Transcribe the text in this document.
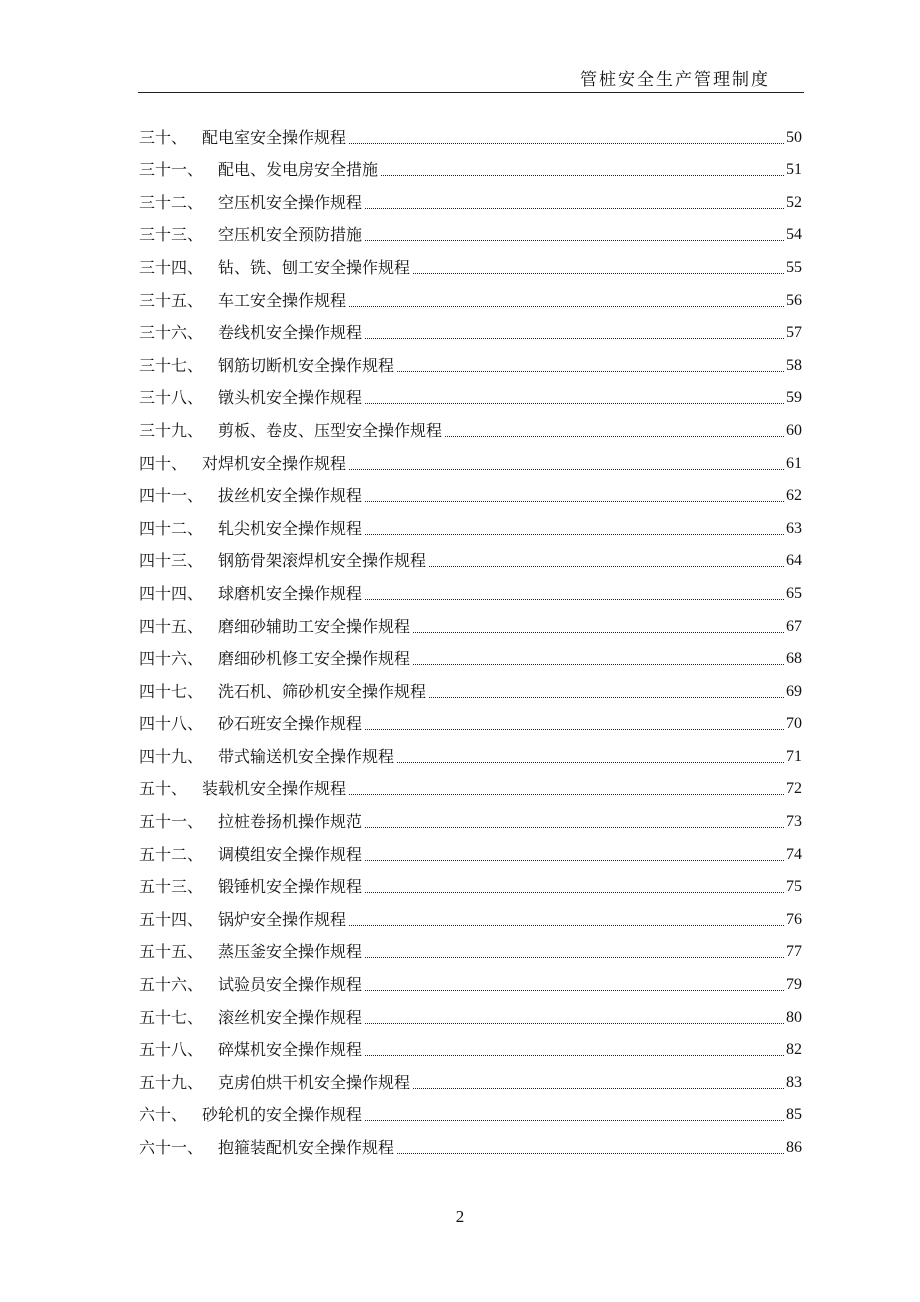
管桩安全生产管理制度
三十、 配电室安全操作规程	50
三十一、 配电、发电房安全措施	51
三十二、 空压机安全操作规程	52
三十三、 空压机安全预防措施	54
三十四、 钻、铣、刨工安全操作规程	55
三十五、 车工安全操作规程	56
三十六、 卷线机安全操作规程	57
三十七、 钢筋切断机安全操作规程	58
三十八、 镦头机安全操作规程	59
三十九、 剪板、卷皮、压型安全操作规程	60
四十、 对焊机安全操作规程	61
四十一、 拔丝机安全操作规程	62
四十二、 轧尖机安全操作规程	63
四十三、 钢筋骨架滚焊机安全操作规程	64
四十四、 球磨机安全操作规程	65
四十五、 磨细砂辅助工安全操作规程	67
四十六、 磨细砂机修工安全操作规程	68
四十七、 洗石机、筛砂机安全操作规程	69
四十八、 砂石班安全操作规程	70
四十九、 带式输送机安全操作规程	71
五十、 装载机安全操作规程	72
五十一、 拉桩卷扬机操作规范	73
五十二、 调模组安全操作规程	74
五十三、 锻锤机安全操作规程	75
五十四、 锅炉安全操作规程	76
五十五、 蒸压釜安全操作规程	77
五十六、 试验员安全操作规程	79
五十七、 滚丝机安全操作规程	80
五十八、 碎煤机安全操作规程	82
五十九、 克虏伯烘干机安全操作规程	83
六十、 砂轮机的安全操作规程	85
六十一、 抱箍装配机安全操作规程	86
2
